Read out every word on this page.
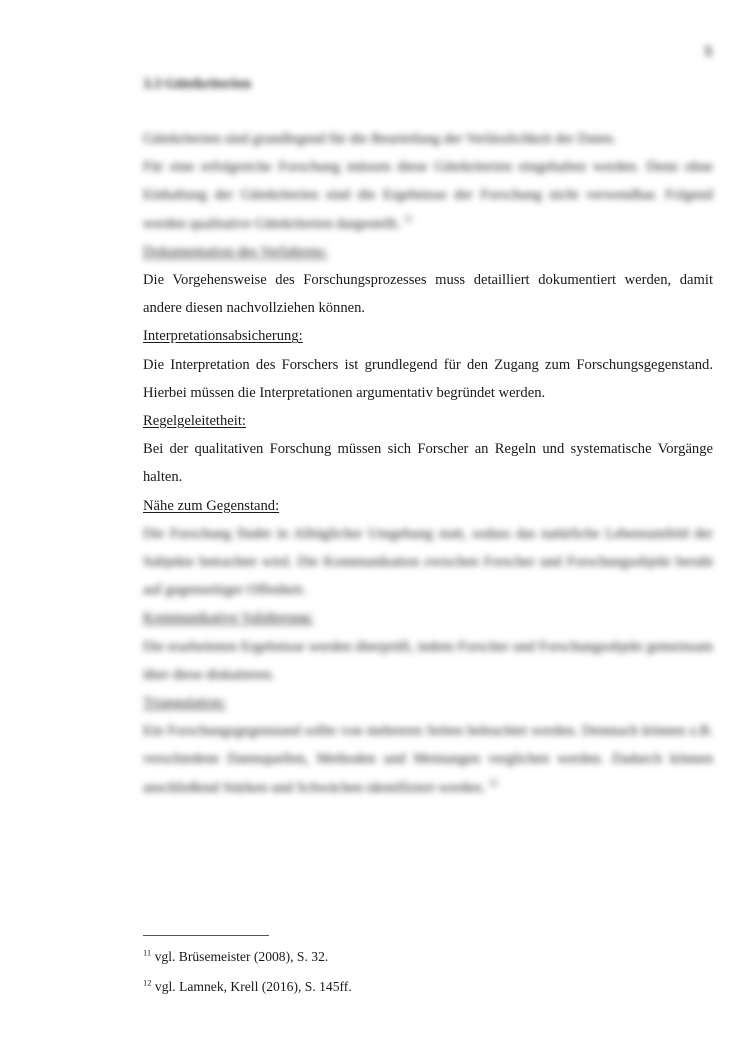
5
3.3 Gütekriterien

Gütekriterien sind grundlegend für die Beurteilung der Verlässlichkeit der Daten.

Für eine erfolgreiche Forschung müssen diese Gütekriterien eingehalten werden. Denn ohne Einhaltung der Gütekriterien sind die Ergebnisse der Forschung nicht verwendbar. Folgend werden qualitative Gütekriterien dargestellt. $^{11}$

Dokumentation des Verfahrens:

Die Vorgehensweise des Forschungsprozesses muss detailliert dokumentiert werden, damit andere diesen nachvollziehen können.

Interpretationsabsicherung:

Die Interpretation des Forschers ist grundlegend für den Zugang zum Forschungsgegenstand. Hierbei müssen die Interpretationen argumentativ begründet werden.

Regelgeleitetheit:

Bei der qualitativen Forschung müssen sich Forscher an Regeln und systematische Vorgänge halten.

Nähe zum Gegenstand:

Die Forschung findet in Alltäglicher Umgebung statt, sodass das natürliche Lebensumfeld der Subjekte betrachtet wird. Die Kommunikation zwischen Forscher und Forschungsobjekt beruht auf gegenseitiger Offenheit.

Kommunikative Validierung:

Die erarbeiteten Ergebnisse werden überprüft, indem Forscher und Forschungsobjekt gemeinsam über diese diskutieren.

Triangulation:

Ein Forschungsgegenstand sollte von mehreren Seiten beleuchtet werden. Demnach können z.B. verschiedene Datenquellen, Methoden und Meinungen verglichen werden. Dadurch können anschließend Stärken und Schwächen identifiziert werden. $^{12}$

$^{11}$ vgl. Brüsemeister (2008), S. 32.
$^{12}$ vgl. Lamnek, Krell (2016), S. 145ff.
